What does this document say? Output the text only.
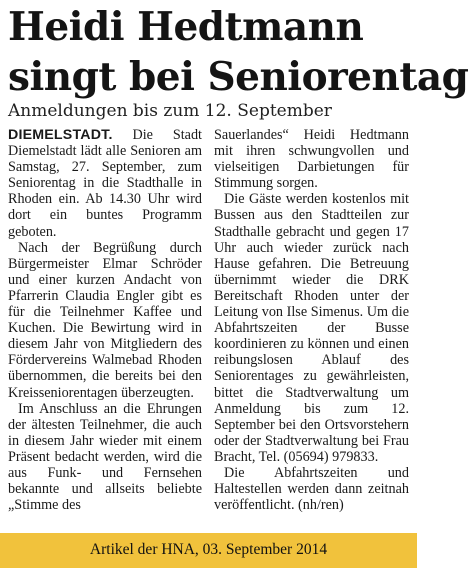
Heidi Hedtmann
singt bei Seniorentag
Anmeldungen bis zum 12. September

DIEMELSTADT. Die Stadt Diemelstadt lädt alle Senioren am Samstag, 27. September, zum Seniorentag in die Stadthalle in Rhoden ein. Ab 14.30 Uhr wird dort ein buntes Programm geboten.

Nach der Begrüßung durch Bürgermeister Elmar Schröder und einer kurzen Andacht von Pfarrerin Claudia Engler gibt es für die Teilnehmer Kaffee und Kuchen. Die Bewirtung wird in diesem Jahr von Mitgliedern des Fördervereins Walmebad Rhoden übernommen, die bereits bei den Kreisseniorentagen überzeugten.

Im Anschluss an die Ehrungen der ältesten Teilnehmer, die auch in diesem Jahr wieder mit einem Präsent bedacht werden, wird die aus Funk- und Fernsehen bekannte und allseits beliebte „Stimme des

Sauerlandes“ Heidi Hedtmann mit ihren schwungvollen und vielseitigen Darbietungen für Stimmung sorgen.

Die Gäste werden kostenlos mit Bussen aus den Stadtteilen zur Stadthalle gebracht und gegen 17 Uhr auch wieder zurück nach Hause gefahren. Die Betreuung übernimmt wieder die DRK Bereitschaft Rhoden unter der Leitung von Ilse Simenus. Um die Abfahrtszeiten der Busse koordinieren zu können und einen reibungslosen Ablauf des Seniorentages zu gewährleisten, bittet die Stadtverwaltung um Anmeldung bis zum 12. September bei den Ortsvorstehern oder der Stadtverwaltung bei Frau Bracht, Tel. (05694) 979833.

Die Abfahrtszeiten und Haltestellen werden dann zeitnah veröffentlicht. (nh/ren)

Artikel der HNA, 03. September 2014
